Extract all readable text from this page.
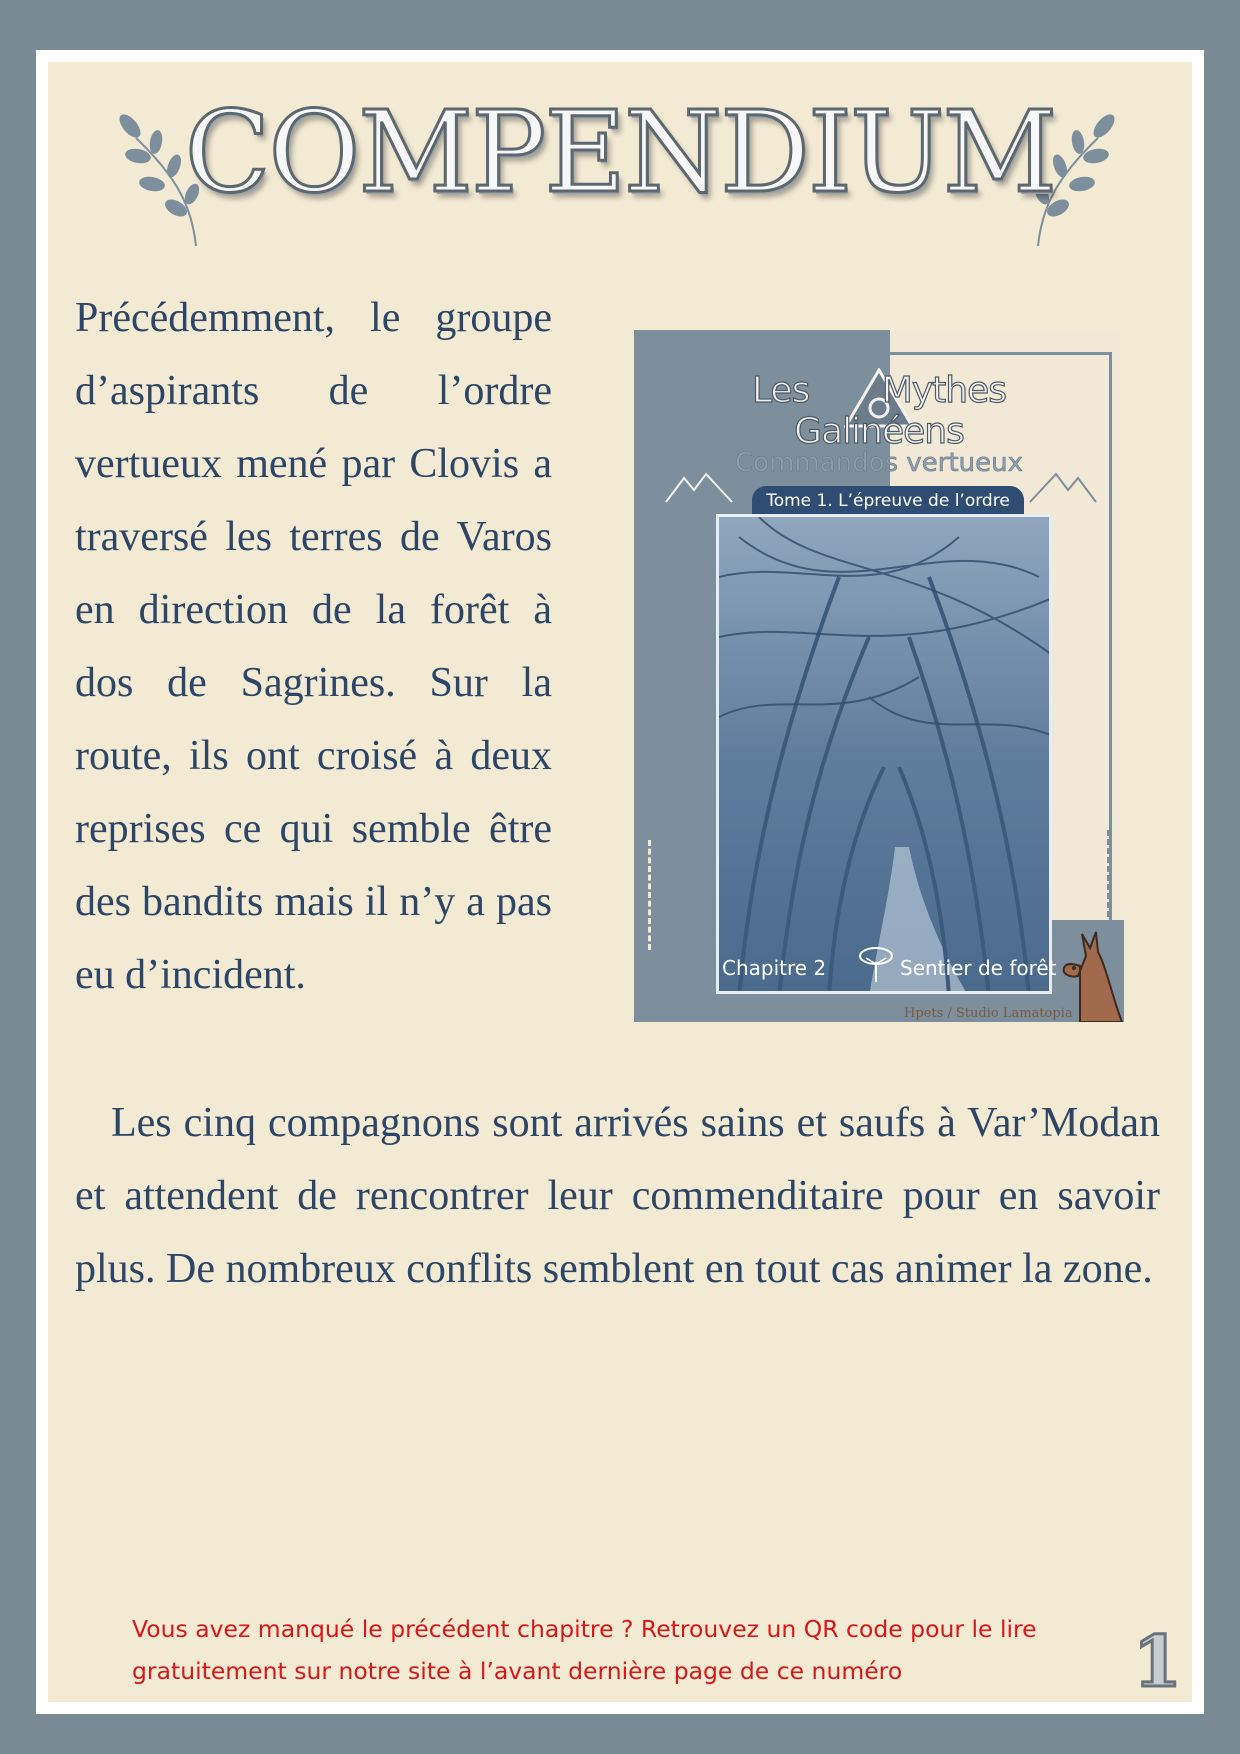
COMPENDIUM

Précédemment, le groupe d’aspirants de l’ordre vertueux mené par Clovis a traversé les terres de Varos en direction de la forêt à dos de Sagrines. Sur la route, ils ont croisé à deux reprises ce qui semble être des bandits mais il n’y a pas eu d’incident.

Les Mythes Galinéens
Commandos vertueux
Tome 1. L’épreuve de l’ordre
Chapitre 2	Sentier de forêt
Hpets / Studio Lamatopia

Les cinq compagnons sont arrivés sains et saufs à Var’Modan et attendent de rencontrer leur commenditaire pour en savoir plus. De nombreux conflits semblent en tout cas animer la zone.

Vous avez manqué le précédent chapitre ? Retrouvez un QR code pour le lire

gratuitement sur notre site à l’avant dernière page de ce numéro	1
